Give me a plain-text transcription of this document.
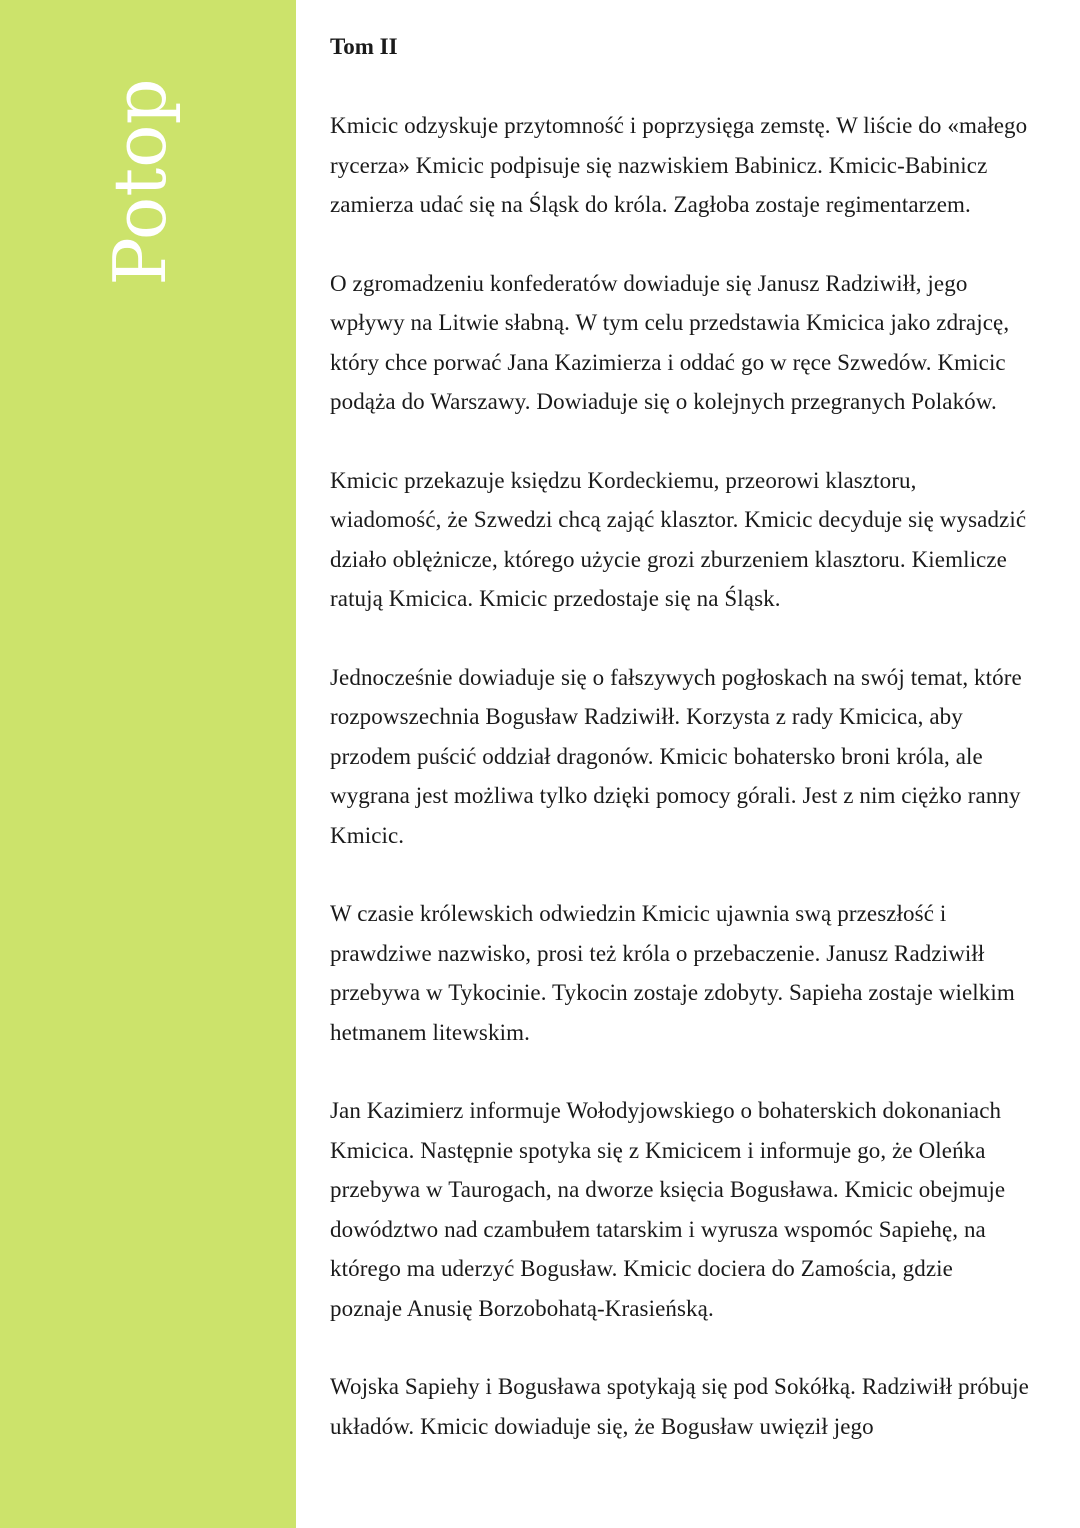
Potop
Tom II

Kmicic odzyskuje przytomność i poprzysięga zemstę. W liście do «małego rycerza» Kmicic podpisuje się nazwiskiem Babinicz. Kmicic-Babinicz zamierza udać się na Śląsk do króla. Zagłoba zostaje regimentarzem.

O zgromadzeniu konfederatów dowiaduje się Janusz Radziwiłł, jego wpływy na Litwie słabną. W tym celu przedstawia Kmicica jako zdrajcę, który chce porwać Jana Kazimierza i oddać go w ręce Szwedów. Kmicic podąża do Warszawy. Dowiaduje się o kolejnych przegranych Polaków.

Kmicic przekazuje księdzu Kordeckiemu, przeorowi klasztoru, wiadomość, że Szwedzi chcą zająć klasztor. Kmicic decyduje się wysadzić działo oblężnicze, którego użycie grozi zburzeniem klasztoru. Kiemlicze ratują Kmicica. Kmicic przedostaje się na Śląsk.

Jednocześnie dowiaduje się o fałszywych pogłoskach na swój temat, które rozpowszechnia Bogusław Radziwiłł. Korzysta z rady Kmicica, aby przodem puścić oddział dragonów. Kmicic bohatersko broni króla, ale wygrana jest możliwa tylko dzięki pomocy górali. Jest z nim ciężko ranny Kmicic.

W czasie królewskich odwiedzin Kmicic ujawnia swą przeszłość i prawdziwe nazwisko, prosi też króla o przebaczenie. Janusz Radziwiłł przebywa w Tykocinie. Tykocin zostaje zdobyty. Sapieha zostaje wielkim hetmanem litewskim.

Jan Kazimierz informuje Wołodyjowskiego o bohaterskich dokonaniach Kmicica. Następnie spotyka się z Kmicicem i informuje go, że Oleńka przebywa w Taurogach, na dworze księcia Bogusława. Kmicic obejmuje dowództwo nad czambułem tatarskim i wyrusza wspomóc Sapiehę, na którego ma uderzyć Bogusław. Kmicic dociera do Zamościa, gdzie poznaje Anusię Borzobohatą-Krasieńską.

Wojska Sapiehy i Bogusława spotykają się pod Sokółką. Radziwiłł próbuje układów. Kmicic dowiaduje się, że Bogusław uwięził jego
